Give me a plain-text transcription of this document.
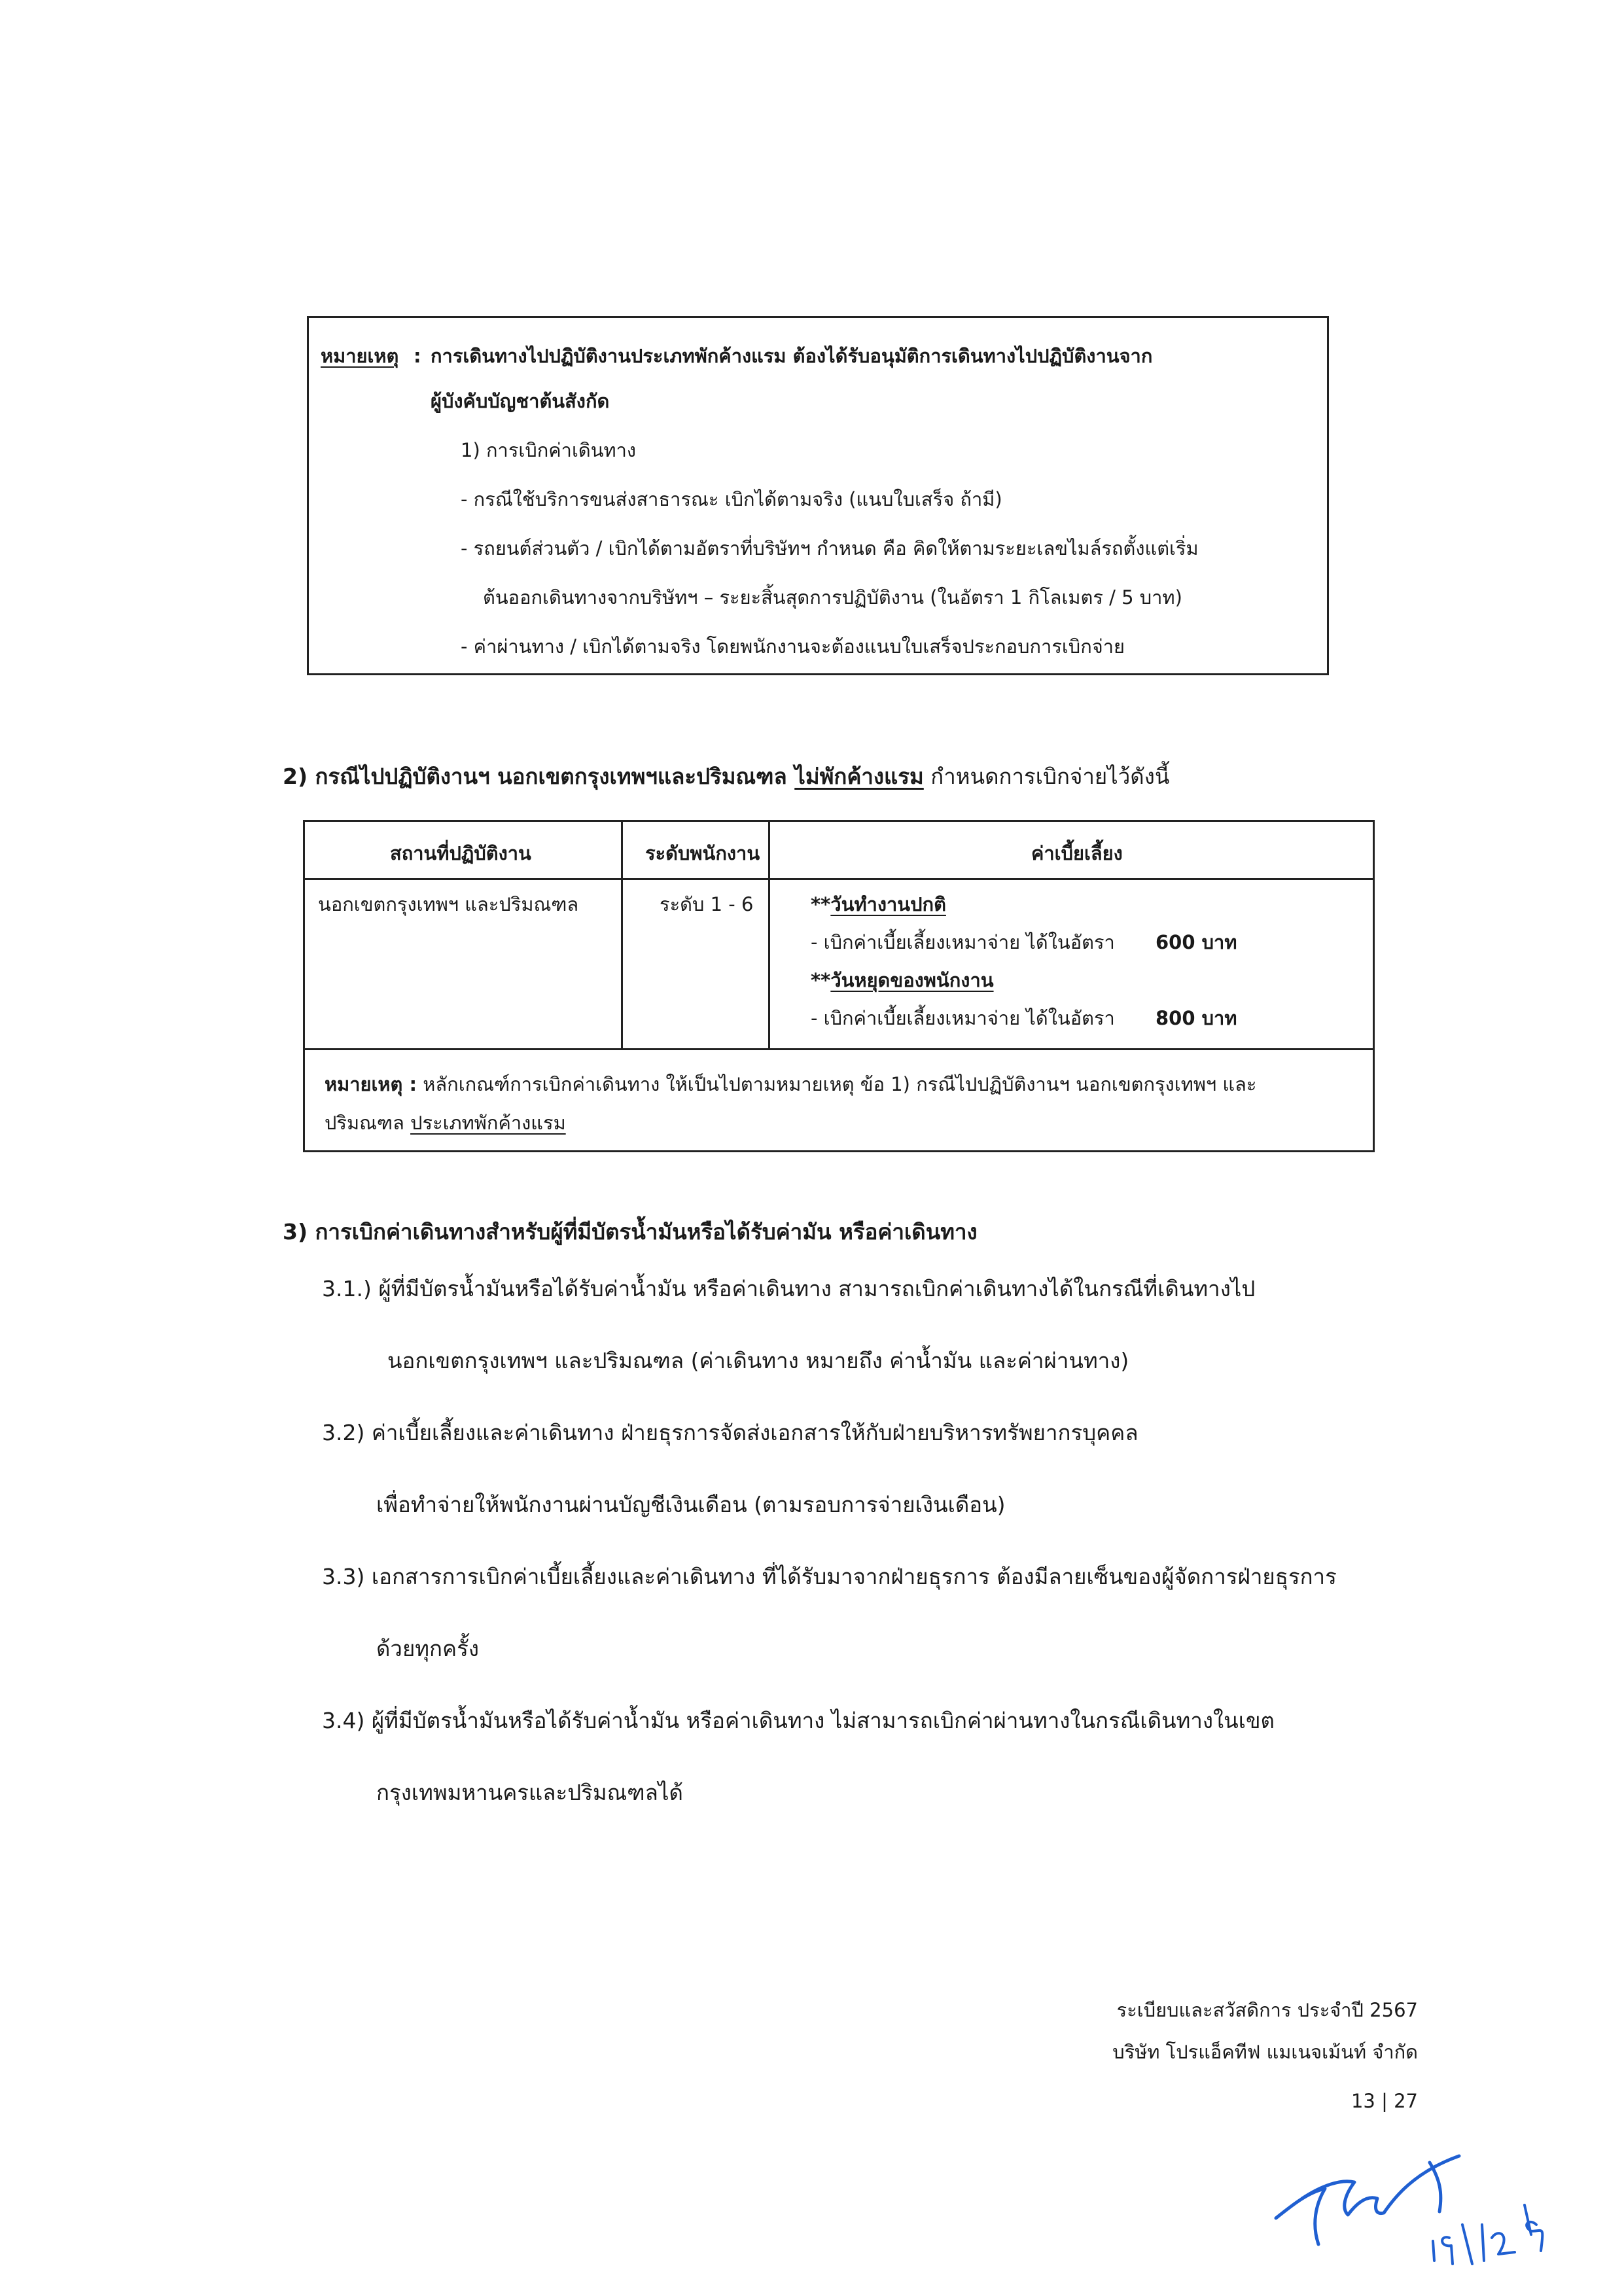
หมายเหตุ : การเดินทางไปปฏิบัติงานประเภทพักค้างแรม ต้องได้รับอนุมัติการเดินทางไปปฏิบัติงานจาก
ผู้บังคับบัญชาต้นสังกัด
1) การเบิกค่าเดินทาง
- กรณีใช้บริการขนส่งสาธารณะ เบิกได้ตามจริง (แนบใบเสร็จ ถ้ามี)
- รถยนต์ส่วนตัว / เบิกได้ตามอัตราที่บริษัทฯ กำหนด คือ คิดให้ตามระยะเลขไมล์รถตั้งแต่เริ่ม
ต้นออกเดินทางจากบริษัทฯ – ระยะสิ้นสุดการปฏิบัติงาน (ในอัตรา 1 กิโลเมตร / 5 บาท)
- ค่าผ่านทาง / เบิกได้ตามจริง โดยพนักงานจะต้องแนบใบเสร็จประกอบการเบิกจ่าย
2) กรณีไปปฏิบัติงานฯ นอกเขตกรุงเทพฯและปริมณฑล ไม่พักค้างแรม กำหนดการเบิกจ่ายไว้ดังนี้
สถานที่ปฏิบัติงาน	ระดับพนักงาน	ค่าเบี้ยเลี้ยง
นอกเขตกรุงเทพฯ และปริมณฑล	ระดับ 1 - 6	**วันทำงานปกติ
- เบิกค่าเบี้ยเลี้ยงเหมาจ่าย ได้ในอัตรา 600 บาท
**วันหยุดของพนักงาน
- เบิกค่าเบี้ยเลี้ยงเหมาจ่าย ได้ในอัตรา 800 บาท
หมายเหตุ : หลักเกณฑ์การเบิกค่าเดินทาง ให้เป็นไปตามหมายเหตุ ข้อ 1) กรณีไปปฏิบัติงานฯ นอกเขตกรุงเทพฯ และ
ปริมณฑล ประเภทพักค้างแรม
3) การเบิกค่าเดินทางสำหรับผู้ที่มีบัตรน้ำมันหรือได้รับค่ามัน หรือค่าเดินทาง
3.1.) ผู้ที่มีบัตรน้ำมันหรือได้รับค่าน้ำมัน หรือค่าเดินทาง สามารถเบิกค่าเดินทางได้ในกรณีที่เดินทางไป
นอกเขตกรุงเทพฯ และปริมณฑล (ค่าเดินทาง หมายถึง ค่าน้ำมัน และค่าผ่านทาง)
3.2) ค่าเบี้ยเลี้ยงและค่าเดินทาง ฝ่ายธุรการจัดส่งเอกสารให้กับฝ่ายบริหารทรัพยากรบุคคล
เพื่อทำจ่ายให้พนักงานผ่านบัญชีเงินเดือน (ตามรอบการจ่ายเงินเดือน)
3.3) เอกสารการเบิกค่าเบี้ยเลี้ยงและค่าเดินทาง ที่ได้รับมาจากฝ่ายธุรการ ต้องมีลายเซ็นของผู้จัดการฝ่ายธุรการ
ด้วยทุกครั้ง
3.4) ผู้ที่มีบัตรน้ำมันหรือได้รับค่าน้ำมัน หรือค่าเดินทาง ไม่สามารถเบิกค่าผ่านทางในกรณีเดินทางในเขต
กรุงเทพมหานครและปริมณฑลได้
ระเบียบและสวัสดิการ ประจำปี 2567
บริษัท โปรแอ็คทีฟ แมเนจเม้นท์ จำกัด
13 | 27
